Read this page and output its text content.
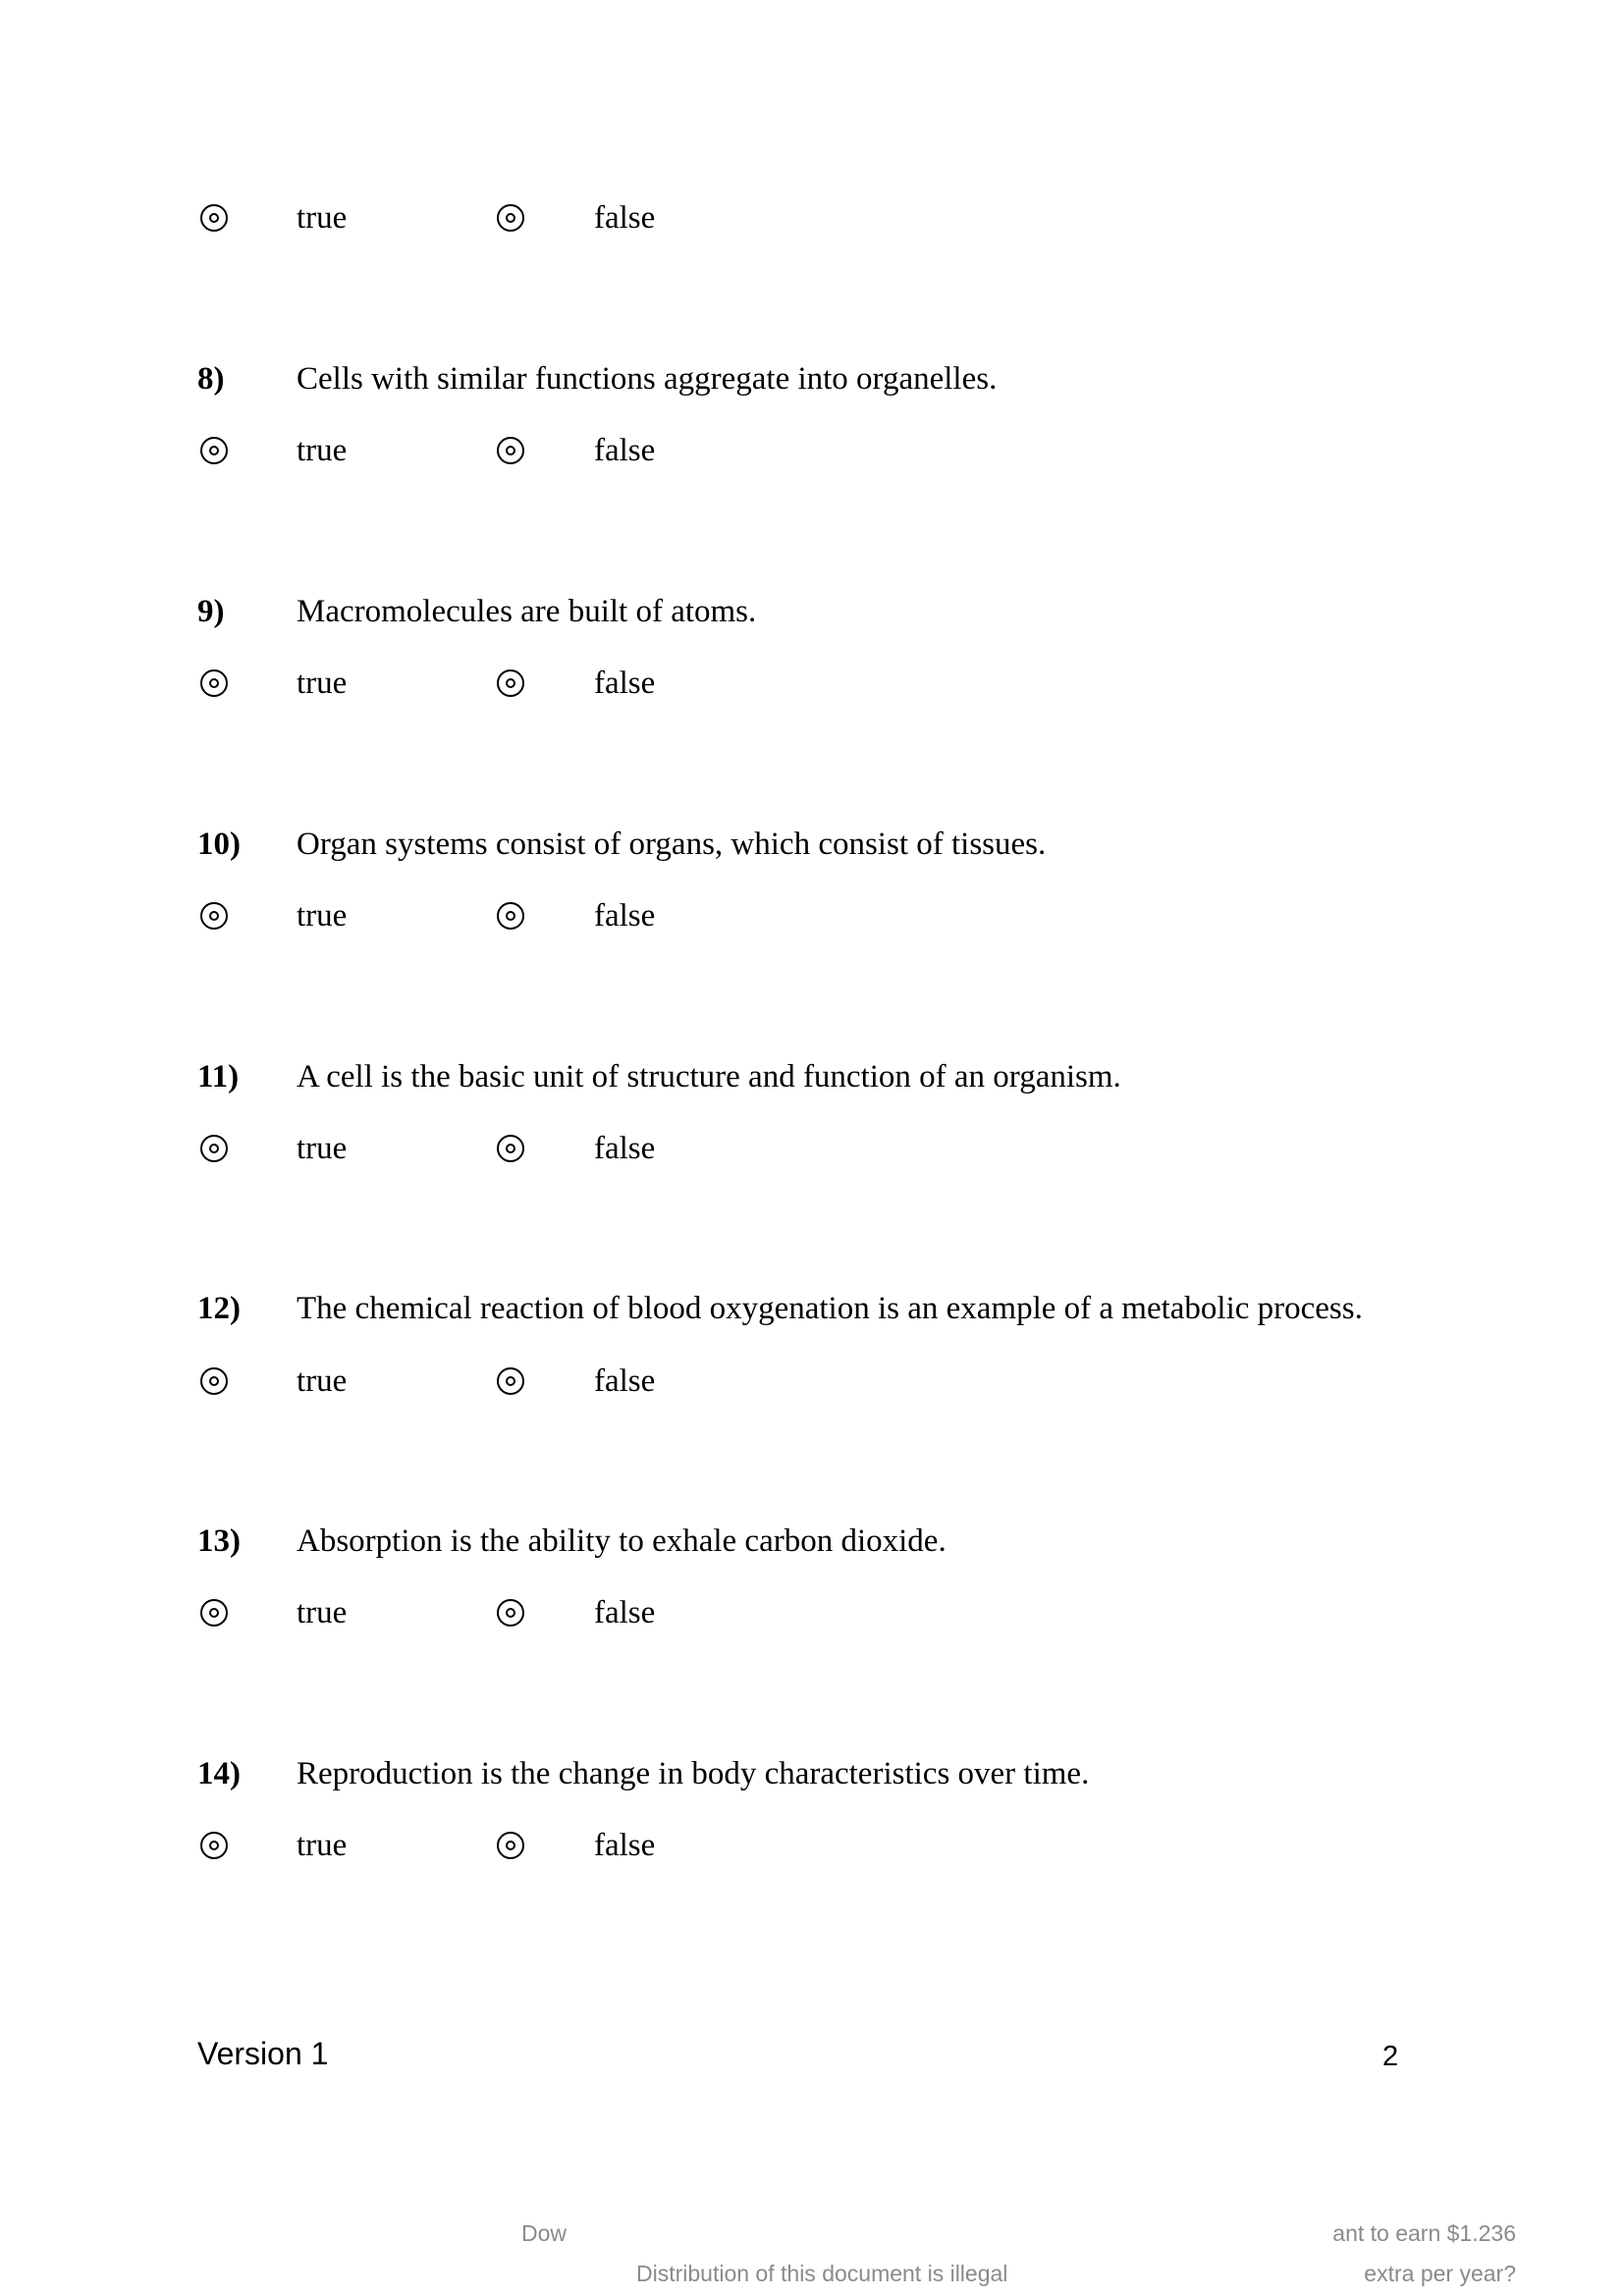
true	false
8) Cells with similar functions aggregate into organelles.
true	false
9) Macromolecules are built of atoms.
true	false
10) Organ systems consist of organs, which consist of tissues.
true	false
11) A cell is the basic unit of structure and function of an organism.
true	false
12) The chemical reaction of blood oxygenation is an example of a metabolic process.
true	false
13) Absorption is the ability to exhale carbon dioxide.
true	false
14) Reproduction is the change in body characteristics over time.
true	false
Version 1	2
Dow
Distribution of this document is illegal
ant to earn $1.236
extra per year?
